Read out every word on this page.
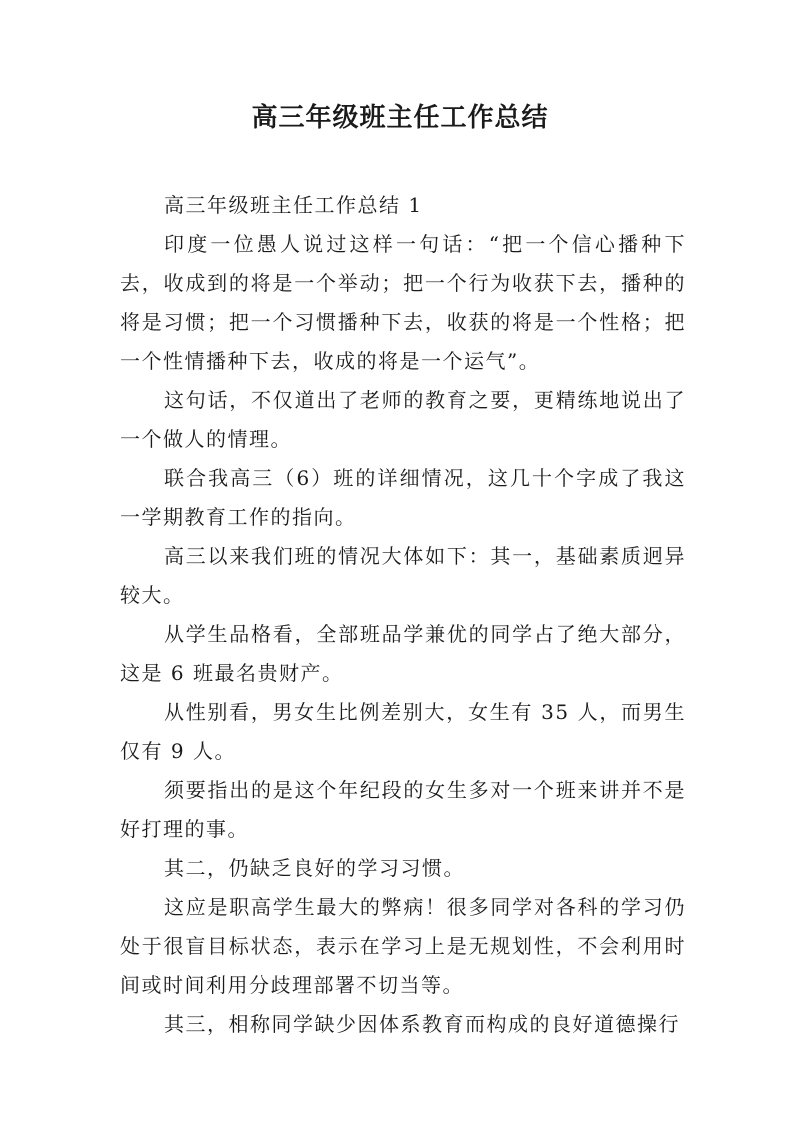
高三年级班主任工作总结

高三年级班主任工作总结 1

印度一位愚人说过这样一句话：“把一个信心播种下去，收成到的将是一个举动；把一个行为收获下去，播种的将是习惯；把一个习惯播种下去，收获的将是一个性格；把一个性情播种下去，收成的将是一个运气”。

这句话，不仅道出了老师的教育之要，更精练地说出了一个做人的情理。

联合我高三（6）班的详细情况，这几十个字成了我这一学期教育工作的指向。

高三以来我们班的情况大体如下：其一，基础素质迥异较大。

从学生品格看，全部班品学兼优的同学占了绝大部分，这是 6 班最名贵财产。

从性别看，男女生比例差别大，女生有 35 人，而男生仅有 9 人。

须要指出的是这个年纪段的女生多对一个班来讲并不是好打理的事。

其二，仍缺乏良好的学习习惯。

这应是职高学生最大的弊病！很多同学对各科的学习仍处于很盲目标状态，表示在学习上是无规划性，不会利用时间或时间利用分歧理部署不切当等。

其三，相称同学缺少因体系教育而构成的良好道德操行
